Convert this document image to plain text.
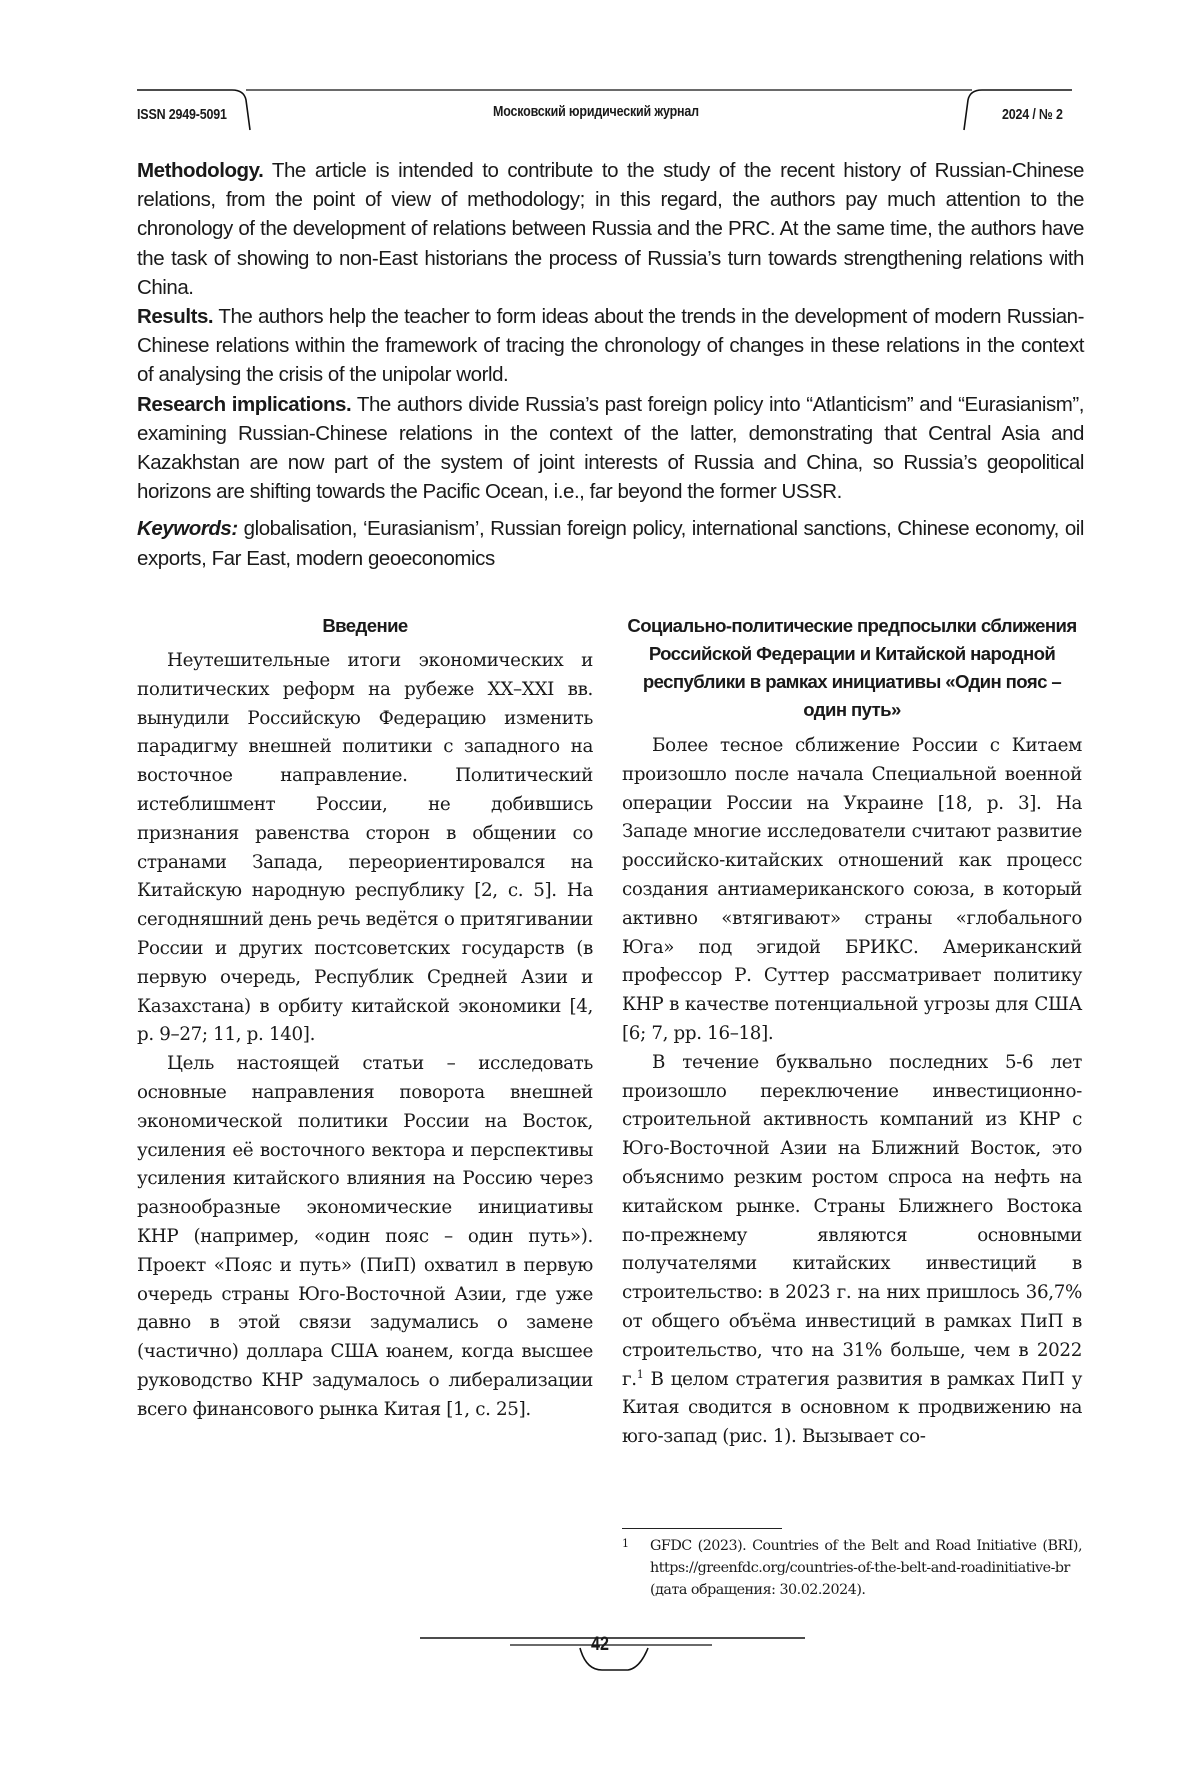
ISSN 2949-5091	Московский юридический журнал	2024 / № 2

Methodology. The article is intended to contribute to the study of the recent history of Russian-Chinese relations, from the point of view of methodology; in this regard, the authors pay much attention to the chronology of the development of relations between Russia and the PRC. At the same time, the authors have the task of showing to non-East historians the process of Russia’s turn towards strengthening relations with China.

Results. The authors help the teacher to form ideas about the trends in the development of modern Russian-Chinese relations within the framework of tracing the chronology of changes in these relations in the context of analysing the crisis of the unipolar world.

Research implications. The authors divide Russia’s past foreign policy into “Atlanticism” and “Eurasianism”, examining Russian-Chinese relations in the context of the latter, demonstrating that Central Asia and Kazakhstan are now part of the system of joint interests of Russia and China, so Russia’s geopolitical horizons are shifting towards the Pacific Ocean, i.e., far beyond the former USSR.

Keywords: globalisation, ‘Eurasianism’, Russian foreign policy, international sanctions, Chinese economy, oil exports, Far East, modern geoeconomics

Введение

Неутешительные итоги экономических и политических реформ на рубеже XX–XXI вв. вынудили Российскую Федерацию изменить парадигму внешней политики с западного на восточное направление. Политический истеблишмент России, не добившись признания равенства сторон в общении со странами Запада, переориентировался на Китайскую народную республику [2, с. 5]. На сегодняшний день речь ведётся о притягивании России и других постсоветских государств (в первую очередь, Республик Средней Азии и Казахстана) в орбиту китайской экономики [4, p. 9–27; 11, p. 140].

Цель настоящей статьи – исследовать основные направления поворота внешней экономической политики России на Восток, усиления её восточного вектора и перспективы усиления китайского влияния на Россию через разнообразные экономические инициативы КНР (например, «один пояс – один путь»). Проект «Пояс и путь» (ПиП) охватил в первую очередь страны Юго-Восточной Азии, где уже давно в этой связи задумались о замене (частично) доллара США юанем, когда высшее руководство КНР задумалось о либерализации всего финансового рынка Китая [1, с. 25].

Социально-политические предпосылки сближения Российской Федерации и Китайской народной республики в рамках инициативы «Один пояс – один путь»

Более тесное сближение России с Китаем произошло после начала Специальной военной операции России на Украине [18, p. 3]. На Западе многие исследователи считают развитие российско-китайских отношений как процесс создания антиамериканского союза, в который активно «втягивают» страны «глобального Юга» под эгидой БРИКС. Американский профессор Р. Суттер рассматривает политику КНР в качестве потенциальной угрозы для США [6; 7, pp. 16–18].

В течение буквально последних 5-6 лет произошло переключение инвестиционно-строительной активность компаний из КНР с Юго-Восточной Азии на Ближний Восток, это объяснимо резким ростом спроса на нефть на китайском рынке. Страны Ближнего Востока по-прежнему являются основными получателями китайских инвестиций в строительство: в 2023 г. на них пришлось 36,7% от общего объёма инвестиций в рамках ПиП в строительство, что на 31% больше, чем в 2022 г.$^1$ В целом стратегия развития в рамках ПиП у Китая сводится в основном к продвижению на юго-запад (рис. 1). Вызывает со-

1 GFDC (2023). Countries of the Belt and Road Initiative (BRI), https://greenfdc.org/countries-of-the-belt-and-roadinitiative-br (дата обращения: 30.02.2024).
42
